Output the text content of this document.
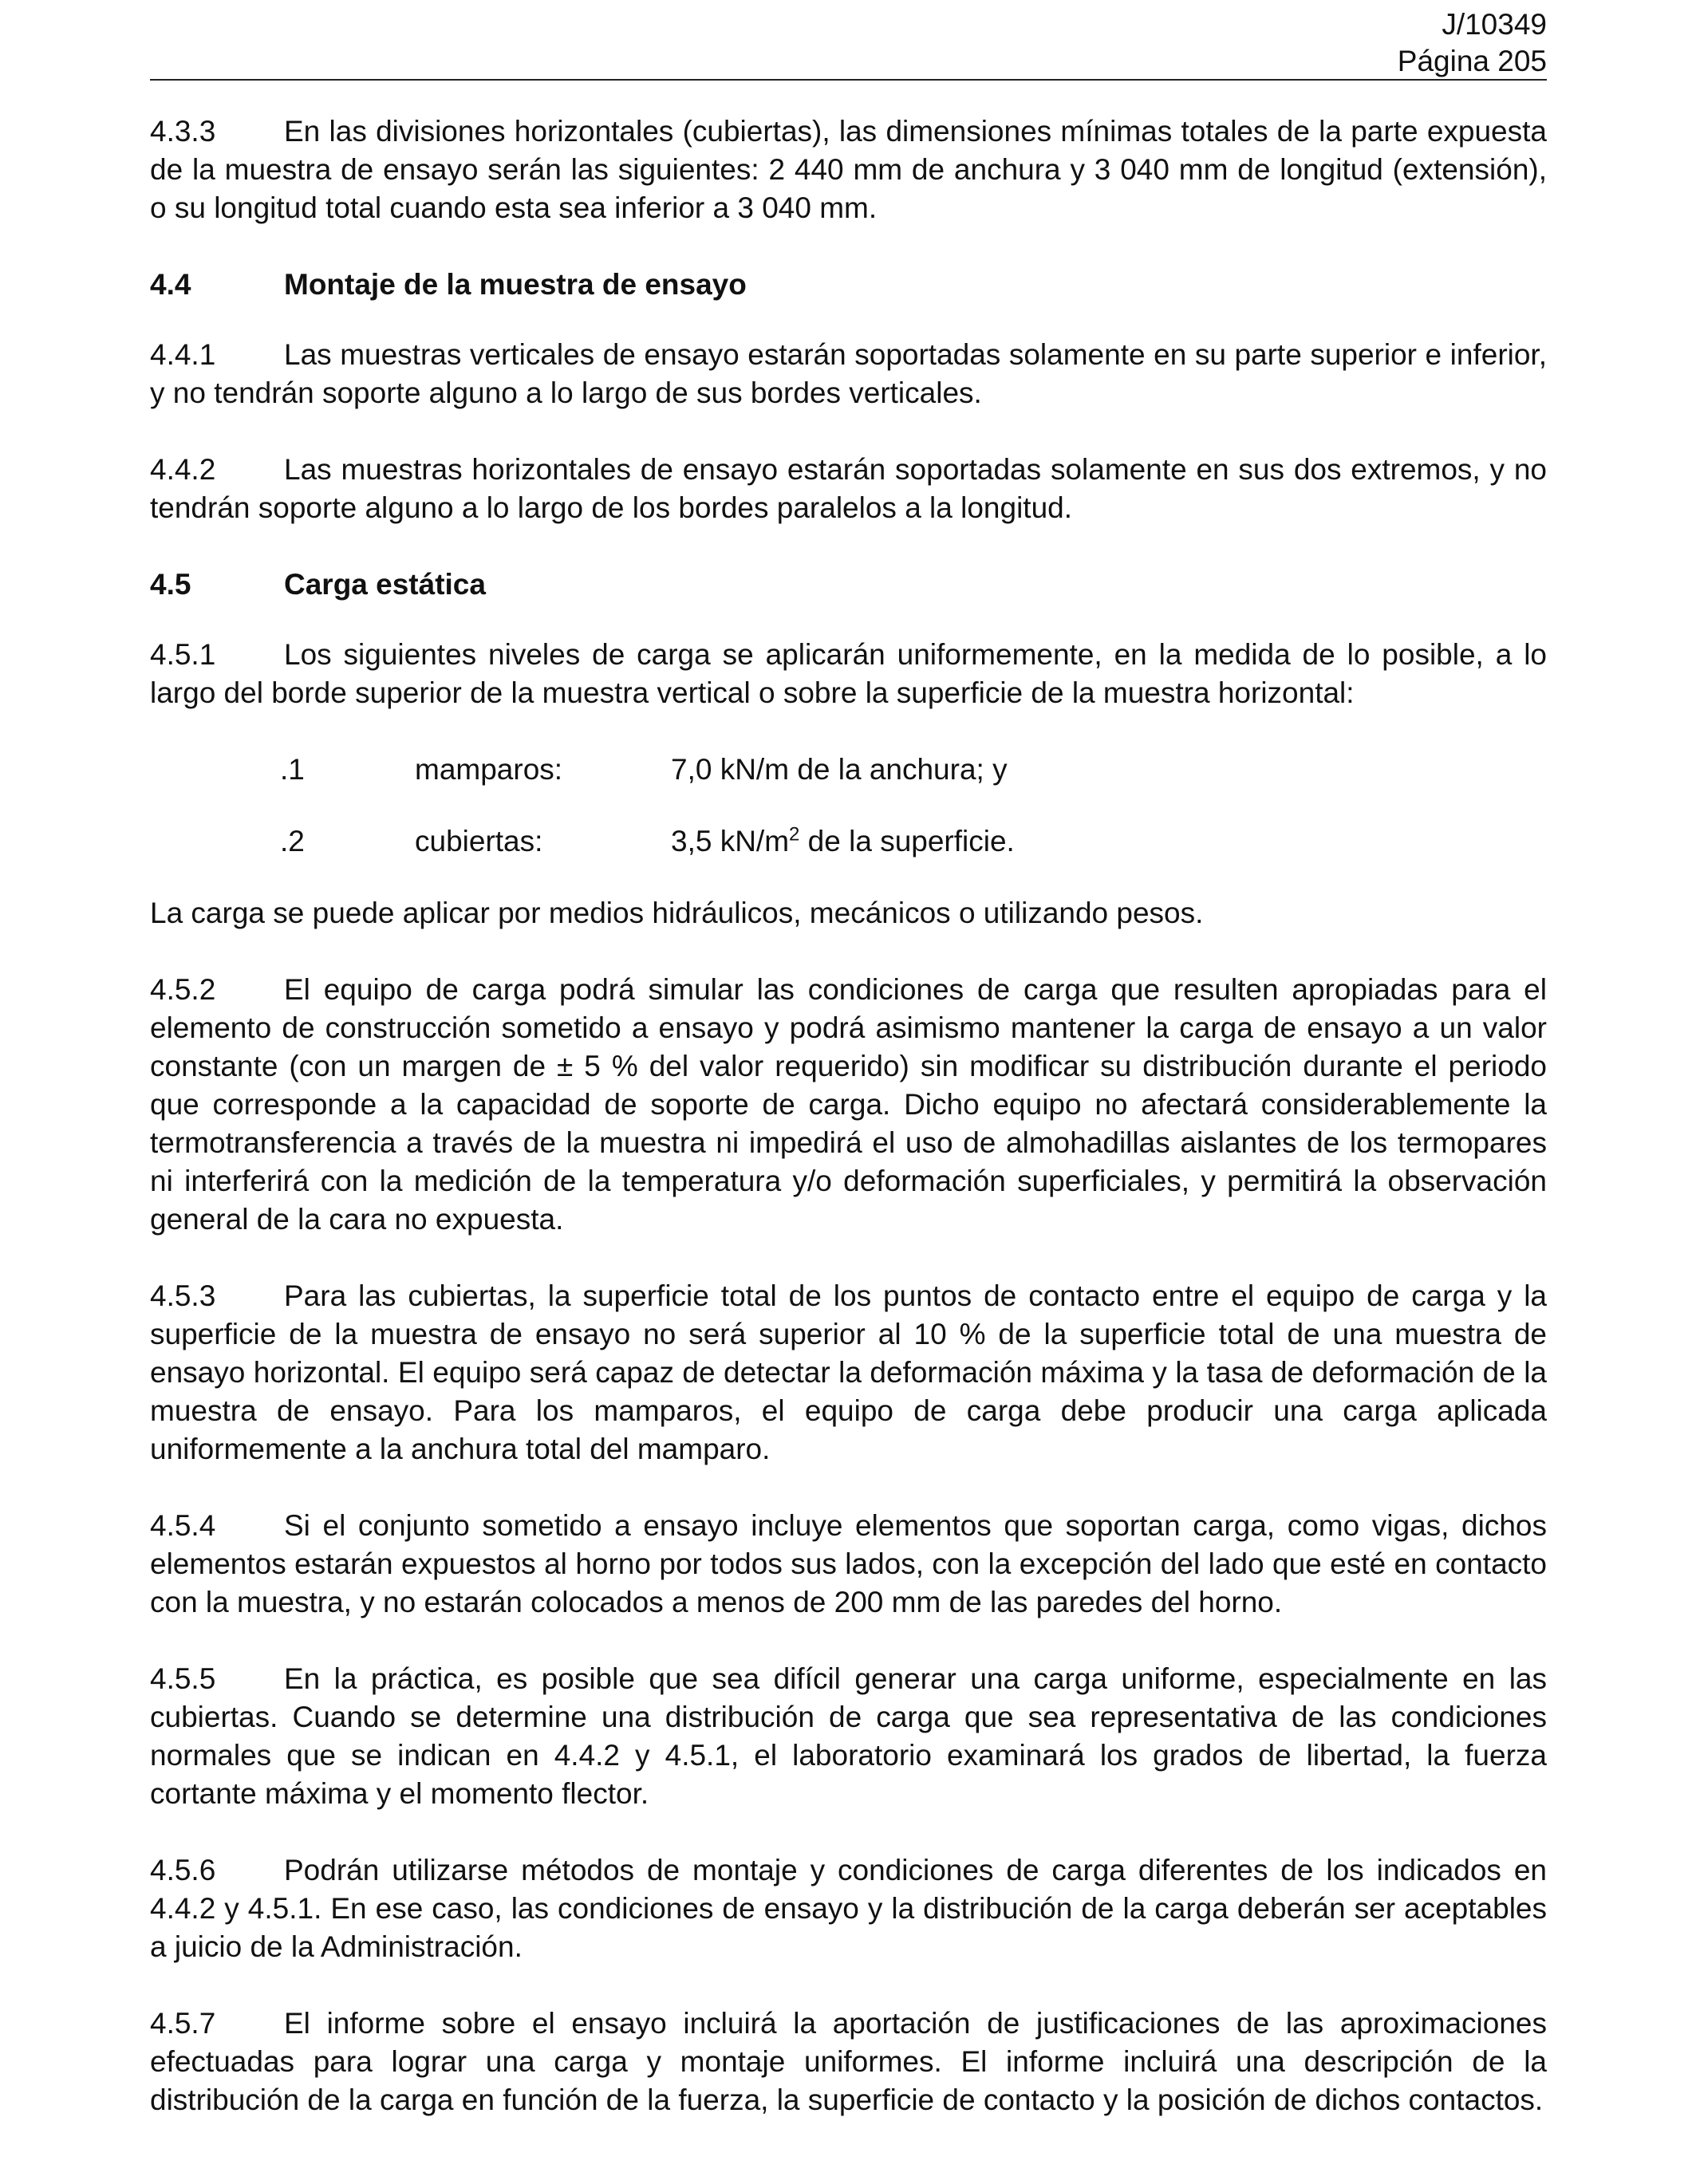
J/10349
Página 205

4.3.3 En las divisiones horizontales (cubiertas), las dimensiones mínimas totales de la parte expuesta de la muestra de ensayo serán las siguientes: 2 440 mm de anchura y 3 040 mm de longitud (extensión), o su longitud total cuando esta sea inferior a 3 040 mm.

4.4	Montaje de la muestra de ensayo

4.4.1 Las muestras verticales de ensayo estarán soportadas solamente en su parte superior e inferior, y no tendrán soporte alguno a lo largo de sus bordes verticales.

4.4.2 Las muestras horizontales de ensayo estarán soportadas solamente en sus dos extremos, y no tendrán soporte alguno a lo largo de los bordes paralelos a la longitud.

4.5	Carga estática

4.5.1 Los siguientes niveles de carga se aplicarán uniformemente, en la medida de lo posible, a lo largo del borde superior de la muestra vertical o sobre la superficie de la muestra horizontal:

.1	mamparos:	7,0 kN/m de la anchura; y
.2	cubiertas:	3,5 $kN/m^2$ de la superficie.

La carga se puede aplicar por medios hidráulicos, mecánicos o utilizando pesos.

4.5.2 El equipo de carga podrá simular las condiciones de carga que resulten apropiadas para el elemento de construcción sometido a ensayo y podrá asimismo mantener la carga de ensayo a un valor constante (con un margen de ± 5 % del valor requerido) sin modificar su distribución durante el periodo que corresponde a la capacidad de soporte de carga. Dicho equipo no afectará considerablemente la termotransferencia a través de la muestra ni impedirá el uso de almohadillas aislantes de los termopares ni interferirá con la medición de la temperatura y/o deformación superficiales, y permitirá la observación general de la cara no expuesta.

4.5.3 Para las cubiertas, la superficie total de los puntos de contacto entre el equipo de carga y la superficie de la muestra de ensayo no será superior al 10 % de la superficie total de una muestra de ensayo horizontal. El equipo será capaz de detectar la deformación máxima y la tasa de deformación de la muestra de ensayo. Para los mamparos, el equipo de carga debe producir una carga aplicada uniformemente a la anchura total del mamparo.

4.5.4 Si el conjunto sometido a ensayo incluye elementos que soportan carga, como vigas, dichos elementos estarán expuestos al horno por todos sus lados, con la excepción del lado que esté en contacto con la muestra, y no estarán colocados a menos de 200 mm de las paredes del horno.

4.5.5 En la práctica, es posible que sea difícil generar una carga uniforme, especialmente en las cubiertas. Cuando se determine una distribución de carga que sea representativa de las condiciones normales que se indican en 4.4.2 y 4.5.1, el laboratorio examinará los grados de libertad, la fuerza cortante máxima y el momento flector.

4.5.6 Podrán utilizarse métodos de montaje y condiciones de carga diferentes de los indicados en 4.4.2 y 4.5.1. En ese caso, las condiciones de ensayo y la distribución de la carga deberán ser aceptables a juicio de la Administración.

4.5.7 El informe sobre el ensayo incluirá la aportación de justificaciones de las aproximaciones efectuadas para lograr una carga y montaje uniformes. El informe incluirá una descripción de la distribución de la carga en función de la fuerza, la superficie de contacto y la posición de dichos contactos.
